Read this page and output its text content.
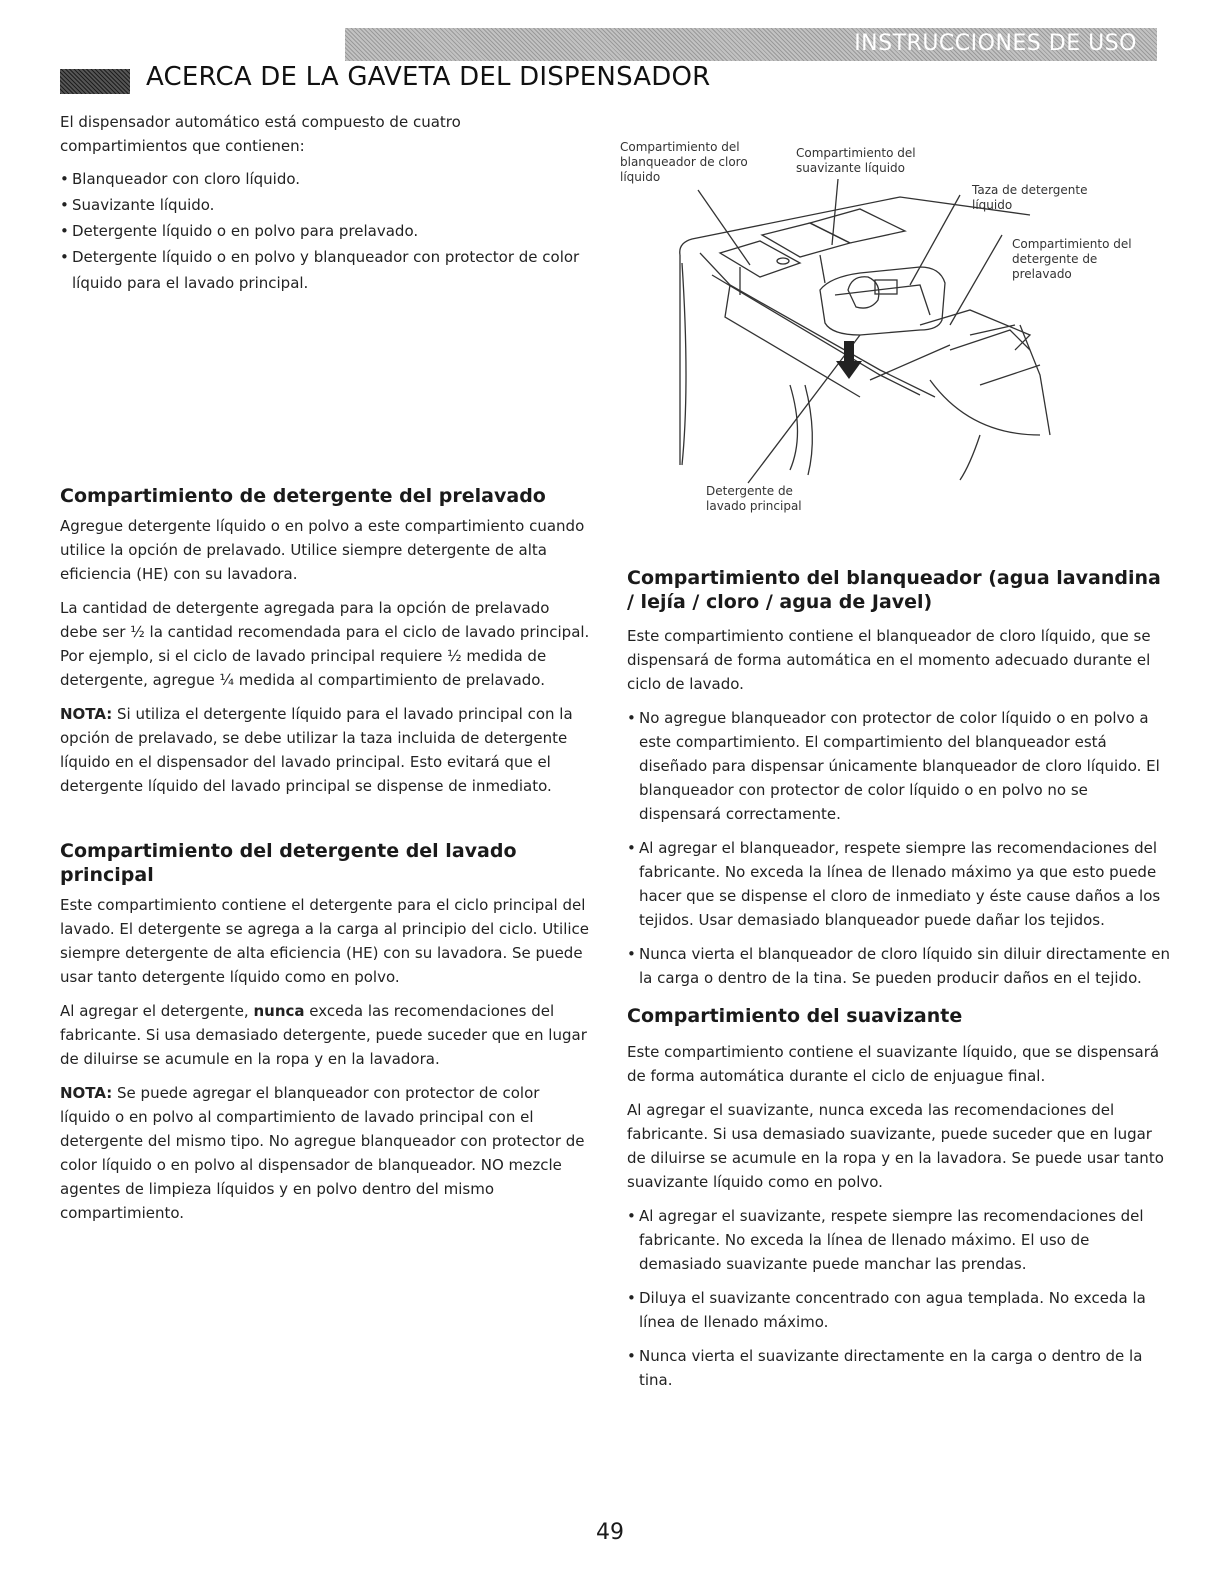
INSTRUCCIONES DE USO
ACERCA DE LA GAVETA DEL DISPENSADOR

El dispensador automático está compuesto de cuatro compartimientos que contienen:

• Blanqueador con cloro líquido.
• Suavizante líquido.
• Detergente líquido o en polvo para prelavado.
• Detergente líquido o en polvo y blanqueador con protector de color líquido para el lavado principal.
Compartimiento de detergente del prelavado

Agregue detergente líquido o en polvo a este compartimiento cuando utilice la opción de prelavado. Utilice siempre detergente de alta eficiencia (HE) con su lavadora.

La cantidad de detergente agregada para la opción de prelavado debe ser ½ la cantidad recomendada para el ciclo de lavado principal. Por ejemplo, si el ciclo de lavado principal requiere ½ medida de detergente, agregue ¼ medida al compartimiento de prelavado.

NOTA: Si utiliza el detergente líquido para el lavado principal con la opción de prelavado, se debe utilizar la taza incluida de detergente líquido en el dispensador del lavado principal. Esto evitará que el detergente líquido del lavado principal se dispense de inmediato.

Compartimiento del detergente del lavado principal

Este compartimiento contiene el detergente para el ciclo principal del lavado. El detergente se agrega a la carga al principio del ciclo. Utilice siempre detergente de alta eficiencia (HE) con su lavadora. Se puede usar tanto detergente líquido como en polvo.

Al agregar el detergente, nunca exceda las recomendaciones del fabricante. Si usa demasiado detergente, puede suceder que en lugar de diluirse se acumule en la ropa y en la lavadora.

NOTA: Se puede agregar el blanqueador con protector de color líquido o en polvo al compartimiento de lavado principal con el detergente del mismo tipo. No agregue blanqueador con protector de color líquido o en polvo al dispensador de blanqueador. NO mezcle agentes de limpieza líquidos y en polvo dentro del mismo compartimiento.

Compartimiento del blanqueador de cloro líquido
Compartimiento del suavizante líquido
Taza de detergente líquido
Compartimiento del detergente de prelavado
Detergente de lavado principal
Compartimiento del blanqueador (agua lavandina / lejía / cloro / agua de Javel)

Este compartimiento contiene el blanqueador de cloro líquido, que se dispensará de forma automática en el momento adecuado durante el ciclo de lavado.

• No agregue blanqueador con protector de color líquido o en polvo a este compartimiento. El compartimiento del blanqueador está diseñado para dispensar únicamente blanqueador de cloro líquido. El blanqueador con protector de color líquido o en polvo no se dispensará correctamente.
• Al agregar el blanqueador, respete siempre las recomendaciones del fabricante. No exceda la línea de llenado máximo ya que esto puede hacer que se dispense el cloro de inmediato y éste cause daños a los tejidos. Usar demasiado blanqueador puede dañar los tejidos.
• Nunca vierta el blanqueador de cloro líquido sin diluir directamente en la carga o dentro de la tina. Se pueden producir daños en el tejido.
Compartimiento del suavizante

Este compartimiento contiene el suavizante líquido, que se dispensará de forma automática durante el ciclo de enjuague final.

Al agregar el suavizante, nunca exceda las recomendaciones del fabricante. Si usa demasiado suavizante, puede suceder que en lugar de diluirse se acumule en la ropa y en la lavadora. Se puede usar tanto suavizante líquido como en polvo.

• Al agregar el suavizante, respete siempre las recomendaciones del fabricante. No exceda la línea de llenado máximo. El uso de demasiado suavizante puede manchar las prendas.
• Diluya el suavizante concentrado con agua templada. No exceda la línea de llenado máximo.
• Nunca vierta el suavizante directamente en la carga o dentro de la tina.
49
